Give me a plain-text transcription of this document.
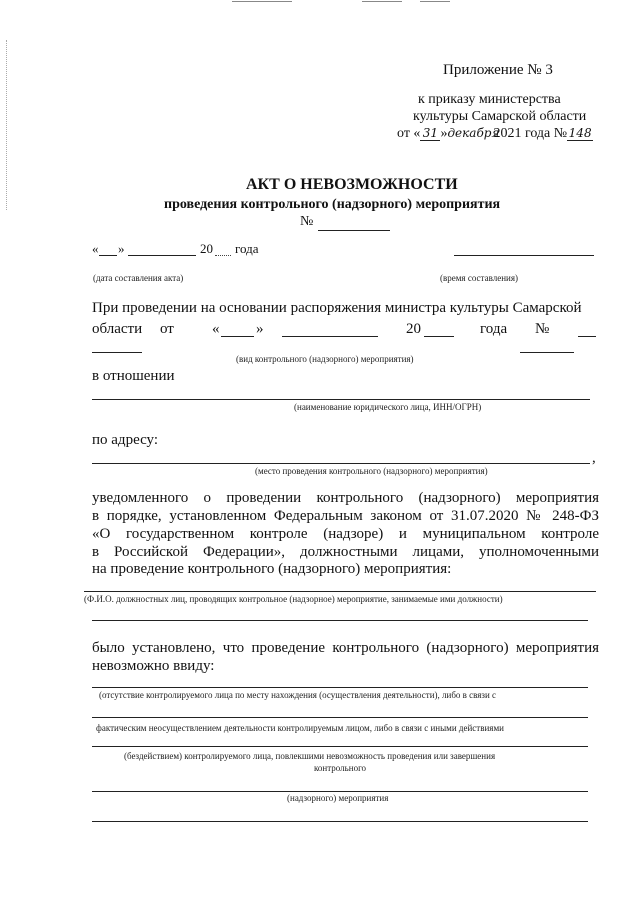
Приложение № 3
к приказу министерства
культуры Самарской области
от « 31 »декабря2021 года № 148
АКТ О НЕВОЗМОЖНОСТИ
проведения контрольного (надзорного) мероприятия
№
« »	20 года
(дата составления акта)	(время составления)
При проведении на основании распоряжения министра культуры Самарской
области от	« »	20	года №
(вид контрольного (надзорного) мероприятия)
в отношении
(наименование юридического лица, ИНН/ОГРН)
по адресу:
,
(место проведения контрольного (надзорного) мероприятия)
уведомленного о проведении контрольного (надзорного) мероприятия
в порядке, установленном Федеральным законом от 31.07.2020 № 248-ФЗ
«О государственном контроле (надзоре) и муниципальном контроле
в Российской Федерации», должностными лицами, уполномоченными
на проведение контрольного (надзорного) мероприятия:
(Ф.И.О. должностных лиц, проводящих контрольное (надзорное) мероприятие, занимаемые ими должности)
было установлено, что проведение контрольного (надзорного) мероприятия
невозможно ввиду:
(отсутствие контролируемого лица по месту нахождения (осуществления деятельности), либо в связи с
фактическим неосуществлением деятельности контролируемым лицом, либо в связи с иными действиями
(бездействием) контролируемого лица, повлекшими невозможность проведения или завершения
контрольного
(надзорного) мероприятия
